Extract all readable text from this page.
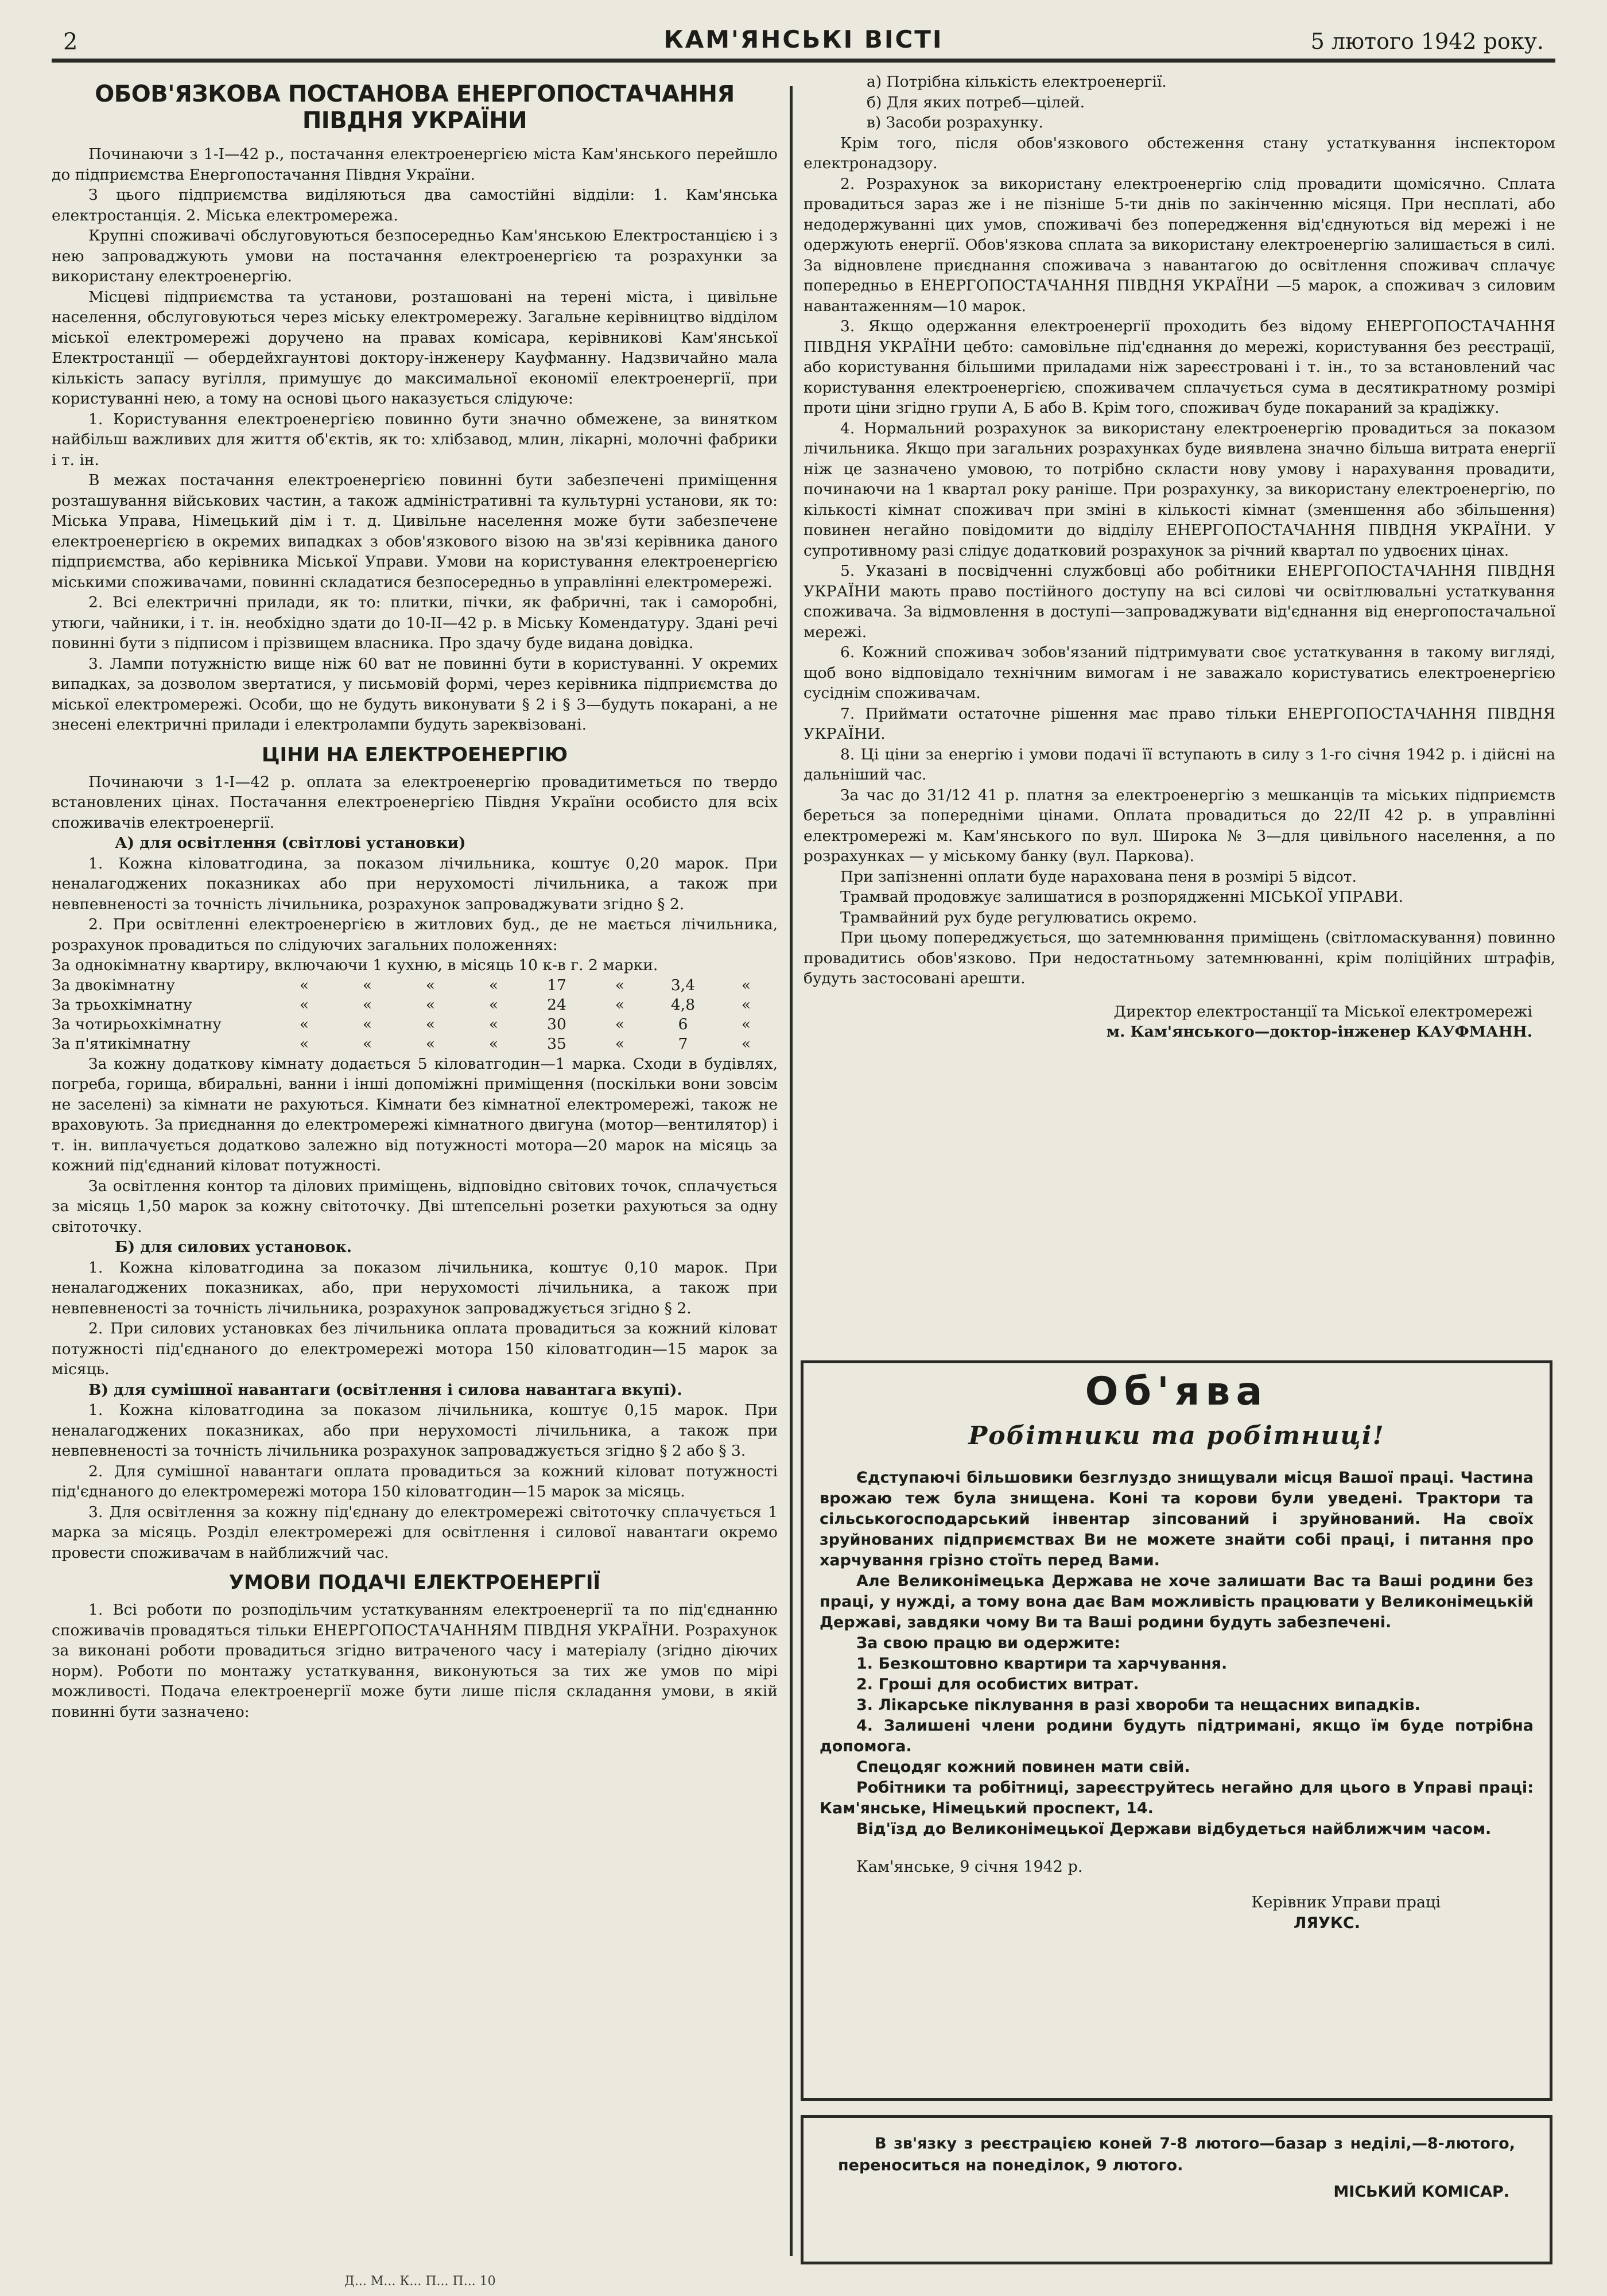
2	КАМ'ЯНСЬКІ ВІСТІ	5 лютого 1942 року.
ОБОВ'ЯЗКОВА ПОСТАНОВА ЕНЕРГОПОСТАЧАННЯ ПІВДНЯ УКРАЇНИ

Починаючи з 1-І—42 р., постачання електроенергією міста Кам'янського перейшло до підприємства Енергопостачання Півдня України.

З цього підприємства виділяються два самостійні відділи: 1. Кам'янська електростанція. 2. Міська електромережа.

Крупні споживачі обслуговуються безпосередньо Кам'янською Електростанцією і з нею запроваджують умови на постачання електроенергією та розрахунки за використану електроенергію.

Місцеві підприємства та установи, розташовані на терені міста, і цивільне населення, обслуговуються через міську електромережу. Загальне керівництво відділом міської електромережі доручено на правах комісара, керівникові Кам'янської Електростанції — обердейхгаунтові доктору-інженеру Кауфманну. Надзвичайно мала кількість запасу вугілля, примушує до максимальної економії електроенергії, при користуванні нею, а тому на основі цього наказується слідуюче:

1. Користування електроенергією повинно бути значно обмежене, за винятком найбільш важливих для життя об'єктів, як то: хлібзавод, млин, лікарні, молочні фабрики і т. ін.

В межах постачання електроенергією повинні бути забезпечені приміщення розташування військових частин, а також адміністративні та культурні установи, як то: Міська Управа, Німецький дім і т. д. Цивільне населення може бути забезпечене електроенергією в окремих випадках з обов'язкового візою на зв'язі керівника даного підприємства, або керівника Міської Управи. Умови на користування електроенергією міськими споживачами, повинні складатися безпосередньо в управлінні електромережі.

2. Всі електричні прилади, як то: плитки, пічки, як фабричні, так і саморобні, утюги, чайники, і т. ін. необхідно здати до 10-ІІ—42 р. в Міську Комендатуру. Здані речі повинні бути з підписом і прізвищем власника. Про здачу буде видана довідка.

3. Лампи потужністю вище ніж 60 ват не повинні бути в користуванні. У окремих випадках, за дозволом звертатися, у письмовій формі, через керівника підприємства до міської електромережі. Особи, що не будуть виконувати § 2 і § 3—будуть покарані, а не знесені електричні прилади і електролампи будуть зареквізовані.

ЦІНИ НА ЕЛЕКТРОЕНЕРГІЮ

Починаючи з 1-І—42 р. оплата за електроенергію провадитиметься по твердо встановлених цінах. Постачання електроенергією Півдня України особисто для всіх споживачів електроенергії.

А) для освітлення (світлові установки)

1. Кожна кіловатгодина, за показом лічильника, коштує 0,20 марок. При неналагоджених показниках або при нерухомості лічильника, а також при невпевненості за точність лічильника, розрахунок запроваджувати згідно § 2.

2. При освітленні електроенергією в житлових буд., де не мається лічильника, розрахунок провадиться по слідуючих загальних положеннях:

За однокімнатну квартиру, включаючи 1 кухню, в місяць 10 к-в г. 2 марки.

За двокімнатну	«	«	«	«	17	«	3,4	«
За трьохкімнатну	«	«	«	«	24	«	4,8	«
За чотирьохкімнатну	«	«	«	«	30	«	6	«
За п'ятикімнатну	«	«	«	«	35	«	7	«

За кожну додаткову кімнату додається 5 кіловатгодин—1 марка. Сходи в будівлях, погреба, горища, вбиральні, ванни і інші допоміжні приміщення (поскільки вони зовсім не заселені) за кімнати не рахуються. Кімнати без кімнатної електромережі, також не враховують. За приєднання до електромережі кімнатного двигуна (мотор—вентилятор) і т. ін. виплачується додатково залежно від потужності мотора—20 марок на місяць за кожний під'єднаний кіловат потужності.

За освітлення контор та ділових приміщень, відповідно світових точок, сплачується за місяць 1,50 марок за кожну світоточку. Дві штепсельні розетки рахуються за одну світоточку.

Б) для силових установок.

1. Кожна кіловатгодина за показом лічильника, коштує 0,10 марок. При неналагоджених показниках, або, при нерухомості лічильника, а також при невпевненості за точність лічильника, розрахунок запроваджується згідно § 2.

2. При силових установках без лічильника оплата провадиться за кожний кіловат потужності під'єднаного до електромережі мотора 150 кіловатгодин—15 марок за місяць.

В) для сумішної навантаги (освітлення і силова навантага вкупі).

1. Кожна кіловатгодина за показом лічильника, коштує 0,15 марок. При неналагоджених показниках, або при нерухомості лічильника, а також при невпевненості за точність лічильника розрахунок запроваджується згідно § 2 або § 3.

2. Для сумішної навантаги оплата провадиться за кожний кіловат потужності під'єднаного до електромережі мотора 150 кіловатгодин—15 марок за місяць.

3. Для освітлення за кожну під'єднану до електромережі світоточку сплачується 1 марка за місяць. Розділ електромережі для освітлення і силової навантаги окремо провести споживачам в найближчий час.

УМОВИ ПОДАЧІ ЕЛЕКТРОЕНЕРГІЇ

1. Всі роботи по розподільчим устаткуванням електроенергії та по під'єднанню споживачів провадяться тільки ЕНЕРГОПОСТАЧАННЯМ ПІВДНЯ УКРАЇНИ. Розрахунок за виконані роботи провадиться згідно витраченого часу і матеріалу (згідно діючих норм). Роботи по монтажу устаткування, виконуються за тих же умов по мірі можливості. Подача електроенергії може бути лише після складання умови, в якій повинні бути зазначено:

а) Потрібна кількість електроенергії.

б) Для яких потреб—цілей.

в) Засоби розрахунку.

Крім того, після обов'язкового обстеження стану устаткування інспектором електронадзору.

2. Розрахунок за використану електроенергію слід провадити щомісячно. Сплата провадиться зараз же і не пізніше 5-ти днів по закінченню місяця. При несплаті, або недодержуванні цих умов, споживачі без попередження від'єднуються від мережі і не одержують енергії. Обов'язкова сплата за використану електроенергію залишається в силі. За відновлене приєднання споживача з навантагою до освітлення споживач сплачує попередньо в ЕНЕРГОПОСТАЧАННЯ ПІВДНЯ УКРАЇНИ —5 марок, а споживач з силовим навантаженням—10 марок.

3. Якщо одержання електроенергії проходить без відому ЕНЕРГОПОСТАЧАННЯ ПІВДНЯ УКРАЇНИ цебто: самовільне під'єднання до мережі, користування без реєстрації, або користування більшими приладами ніж зареєстровані і т. ін., то за встановлений час користування електроенергією, споживачем сплачується сума в десятикратному розмірі проти ціни згідно групи А, Б або В. Крім того, споживач буде покараний за крадіжку.

4. Нормальний розрахунок за використану електроенергію провадиться за показом лічильника. Якщо при загальних розрахунках буде виявлена значно більша витрата енергії ніж це зазначено умовою, то потрібно скласти нову умову і нарахування провадити, починаючи на 1 квартал року раніше. При розрахунку, за використану електроенергію, по кількості кімнат споживач при зміні в кількості кімнат (зменшення або збільшення) повинен негайно повідомити до відділу ЕНЕРГОПОСТАЧАННЯ ПІВДНЯ УКРАЇНИ. У супротивному разі слідує додатковий розрахунок за річний квартал по удвоєних цінах.

5. Указані в посвідченні службовці або робітники ЕНЕРГОПОСТАЧАННЯ ПІВДНЯ УКРАЇНИ мають право постійного доступу на всі силові чи освітлювальні устаткування споживача. За відмовлення в доступі—запроваджувати від'єднання від енергопостачальної мережі.

6. Кожний споживач зобов'язаний підтримувати своє устаткування в такому вигляді, щоб воно відповідало технічним вимогам і не заважало користуватись електроенергією сусіднім споживачам.

7. Приймати остаточне рішення має право тільки ЕНЕРГОПОСТАЧАННЯ ПІВДНЯ УКРАЇНИ.

8. Ці ціни за енергію і умови подачі її вступають в силу з 1-го січня 1942 р. і дійсні на дальніший час.

За час до 31/12 41 р. платня за електроенергію з мешканців та міських підприємств береться за попередніми цінами. Оплата провадиться до 22/ІІ 42 р. в управлінні електромережі м. Кам'янського по вул. Широка № 3—для цивільного населення, а по розрахунках — у міському банку (вул. Паркова).

При запізненні оплати буде нарахована пеня в розмірі 5 відсот.

Трамвай продовжує залишатися в розпорядженні МІСЬКОЇ УПРАВИ.

Трамвайний рух буде регулюватись окремо.

При цьому попереджується, що затемнювання приміщень (світломаскування) повинно провадитись обов'язково. При недостатньому затемнюванні, крім поліційних штрафів, будуть застосовані арешти.

Директор електростанції та Міської електромережі

м. Кам'янського—доктор-інженер КАУФМАНН.

Об'ява
Робітники та робітниці!

Єдступаючі більшовики безглуздо знищували місця Вашої праці. Частина врожаю теж була знищена. Коні та корови були уведені. Трактори та сільськогосподарський інвентар зіпсований і зруйнований. На своїх зруйнованих підприємствах Ви не можете знайти собі праці, і питання про харчування грізно стоїть перед Вами.

Але Великонімецька Держава не хоче залишати Вас та Ваші родини без праці, у нужді, а тому вона дає Вам можливість працювати у Великонімецькій Державі, завдяки чому Ви та Ваші родини будуть забезпечені.

За свою працю ви одержите:

1. Безкоштовно квартири та харчування.

2. Гроші для особистих витрат.

3. Лікарське піклування в разі хвороби та нещасних випадків.

4. Залишені члени родини будуть підтримані, якщо їм буде потрібна допомога.

Спецодяг кожний повинен мати свій.

Робітники та робітниці, зареєструйтесь негайно для цього в Управі праці: Кам'янське, Німецький проспект, 14.

Від'їзд до Великонімецької Держави відбудеться найближчим часом.

Кам'янське, 9 січня 1942 р.

Керівник Управи праці

ЛЯУКС.

В зв'язку з реєстрацією коней 7-8 лютого—базар з неділі,—8-лютого, переноситься на понеділок, 9 лютого.

МІСЬКИЙ КОМІСАР.

Д... М... К... П... П... 10
